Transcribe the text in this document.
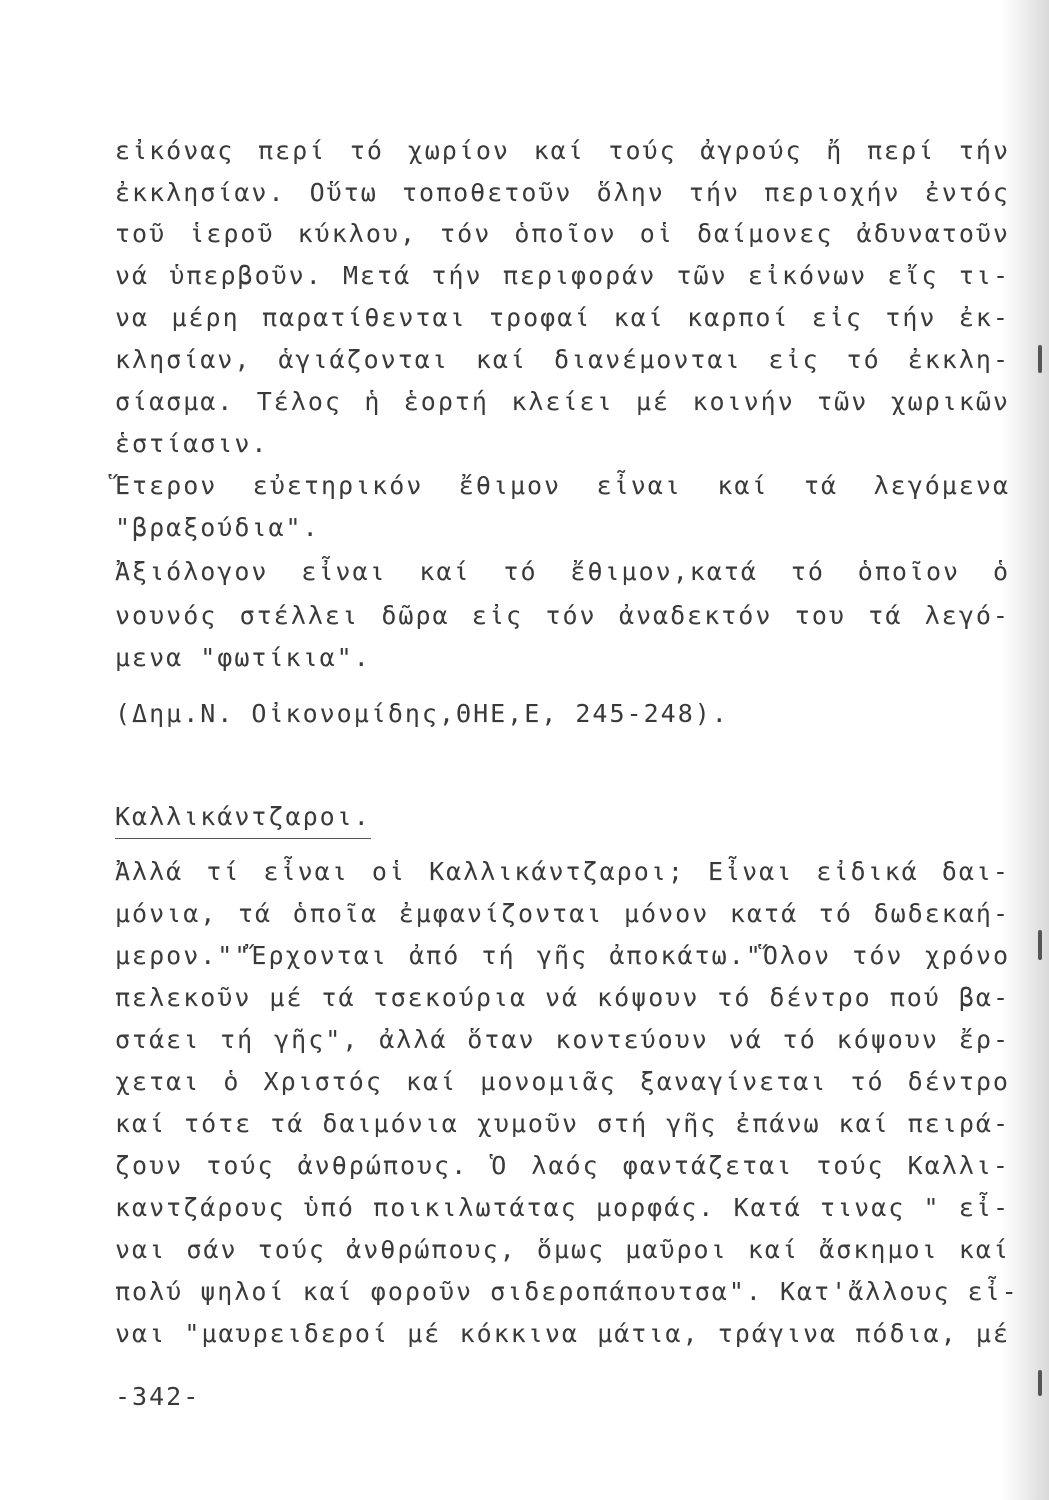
εἰκόνας περί τό χωρίον καί τούς ἀγρούς ἤ περί τήν
ἐκκλησίαν. Οὕτω τοποθετοῦν ὅλην τήν περιοχήν ἐντός
τοῦ ἱεροῦ κύκλου, τόν ὁποῖον οἱ δαίμονες ἀδυνατοῦν
νά ὑπερβοῦν. Μετά τήν περιφοράν τῶν εἰκόνων εἴς τι-
να μέρη παρατίθενται τροφαί καί καρποί εἰς τήν ἐκ-
κλησίαν, ἁγιάζονται καί διανέμονται εἰς τό ἐκκλη-
σίασμα. Τέλος ἡ ἑορτή κλείει μέ κοινήν τῶν χωρικῶν
ἑστίασιν.
Ἕτερον εὐετηρικόν ἔθιμον εἶναι καί τά λεγόμενα
"βραξούδια".
Ἀξιόλογον εἶναι καί τό ἔθιμον,κατά τό ὁποῖον ὁ
νουνός στέλλει δῶρα εἰς τόν ἀναδεκτόν του τά λεγό-
μενα "φωτίκια".
(Δημ.Ν. Οἰκονομίδης,ΘΗΕ,Ε, 245-248).
Καλλικάντζαροι.
Ἀλλά τί εἶναι οἱ Καλλικάντζαροι; Εἶναι εἰδικά δαι-
μόνια, τά ὁποῖα ἐμφανίζονται μόνον κατά τό δωδεκαή-
μερον.""Ἔρχονται ἀπό τή γῆς ἀποκάτω."Ὅλον τόν χρόνο
πελεκοῦν μέ τά τσεκούρια νά κόψουν τό δέντρο πού βα-
στάει τή γῆς", ἀλλά ὅταν κοντεύουν νά τό κόψουν ἔρ-
χεται ὁ Χριστός καί μονομιᾶς ξαναγίνεται τό δέντρο
καί τότε τά δαιμόνια χυμοῦν στή γῆς ἐπάνω καί πειρά-
ζουν τούς ἀνθρώπους. Ὁ λαός φαντάζεται τούς Καλλι-
καντζάρους ὑπό ποικιλωτάτας μορφάς. Κατά τινας " εἶ-
ναι σάν τούς ἀνθρώπους, ὅμως μαῦροι καί ἄσκημοι καί
πολύ ψηλοί καί φοροῦν σιδεροπάπουτσα". Κατ'ἄλλους εἶ-
ναι "μαυρειδεροί μέ κόκκινα μάτια, τράγινα πόδια, μέ
-342-
